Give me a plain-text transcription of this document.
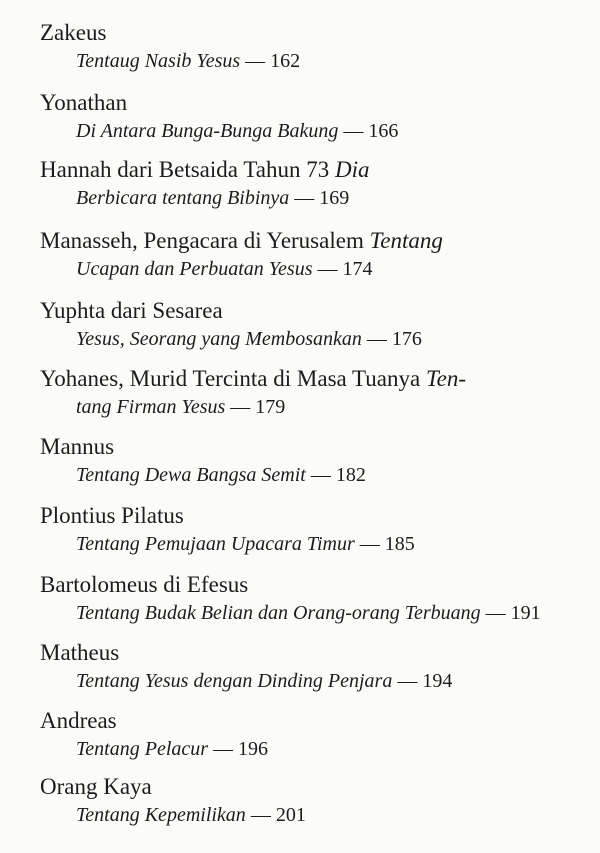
Zakeus

Tentaug Nasib Yesus — 162

Yonathan

Di Antara Bunga-Bunga Bakung — 166

Hannah dari Betsaida Tahun 73 Dia

Berbicara tentang Bibinya — 169

Manasseh, Pengacara di Yerusalem Tentang

Ucapan dan Perbuatan Yesus — 174

Yuphta dari Sesarea

Yesus, Seorang yang Membosankan — 176

Yohanes, Murid Tercinta di Masa Tuanya Ten-

tang Firman Yesus — 179

Mannus

Tentang Dewa Bangsa Semit — 182

Plontius Pilatus

Tentang Pemujaan Upacara Timur — 185

Bartolomeus di Efesus

Tentang Budak Belian dan Orang-orang Terbuang — 191

Matheus

Tentang Yesus dengan Dinding Penjara — 194

Andreas

Tentang Pelacur — 196

Orang Kaya

Tentang Kepemilikan — 201
